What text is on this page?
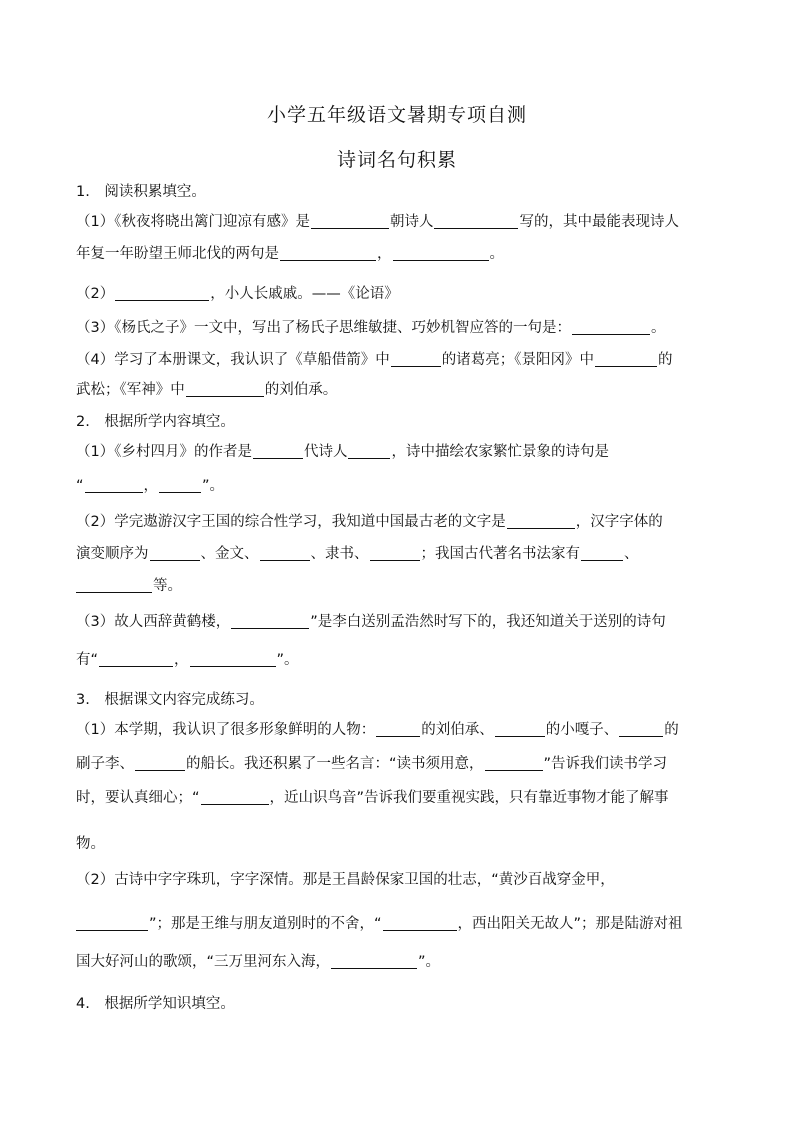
小学五年级语文暑期专项自测
诗词名句积累
1.　阅读积累填空。
（1）《秋夜将晓出篱门迎凉有感》是	朝诗人	写的，其中最能表现诗人
年复一年盼望王师北伐的两句是	，	。
（2）	，小人长戚戚。——《论语》
（3）《杨氏之子》一文中，写出了杨氏子思维敏捷、巧妙机智应答的一句是：	。
（4）学习了本册课文，我认识了《草船借箭》中	的诸葛亮；《景阳冈》中	的
武松；《军神》中	的刘伯承。
2.　根据所学内容填空。
（1）《乡村四月》的作者是	代诗人	，诗中描绘农家繁忙景象的诗句是
“	，	”。
（2）学完遨游汉字王国的综合性学习，我知道中国最古老的文字是	，汉字字体的
演变顺序为	、金文、	、隶书、	；我国古代著名书法家有	、
等。
（3）故人西辞黄鹤楼，	”是李白送别孟浩然时写下的，我还知道关于送别的诗句
有“	，	”。
3.　根据课文内容完成练习。
（1）本学期，我认识了很多形象鲜明的人物：	的刘伯承、	的小嘎子、	的
刷子李、	的船长。我还积累了一些名言：“读书须用意，	”告诉我们读书学习
时，要认真细心；“	，近山识鸟音”告诉我们要重视实践，只有靠近事物才能了解事
物。
（2）古诗中字字珠玑，字字深情。那是王昌龄保家卫国的壮志，“黄沙百战穿金甲，
”；那是王维与朋友道别时的不舍，“	，西出阳关无故人”；那是陆游对祖
国大好河山的歌颂，“三万里河东入海，	”。
4.　根据所学知识填空。
